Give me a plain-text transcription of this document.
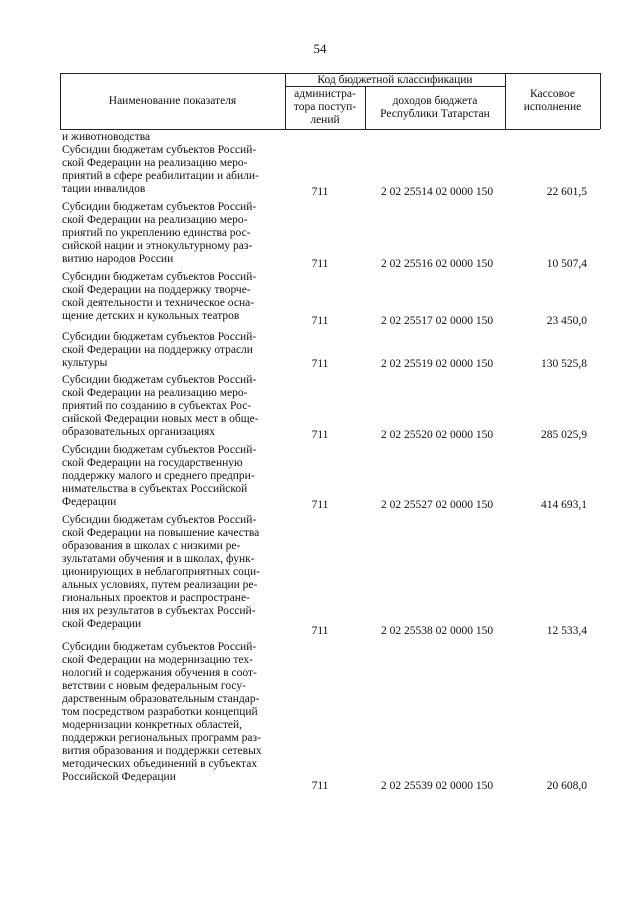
54
Наименование показателя
Код бюджетной классификации
администра-
тора поступ-
лений
доходов бюджета
Республики Татарстан
Кассовое
исполнение
и животноводства
Субсидии бюджетам субъектов Россий-
ской Федерации на реализацию меро-
приятий в сфере реабилитации и абили-
тации инвалидов	711	2 02 25514 02 0000 150	22 601,5
Субсидии бюджетам субъектов Россий-
ской Федерации на реализацию меро-
приятий по укреплению единства рос-
сийской нации и этнокультурному раз-
витию народов России	711	2 02 25516 02 0000 150	10 507,4
Субсидии бюджетам субъектов Россий-
ской Федерации на поддержку творче-
ской деятельности и техническое осна-
щение детских и кукольных театров	711	2 02 25517 02 0000 150	23 450,0
Субсидии бюджетам субъектов Россий-
ской Федерации на поддержку отрасли
культуры	711	2 02 25519 02 0000 150	130 525,8
Субсидии бюджетам субъектов Россий-
ской Федерации на реализацию меро-
приятий по созданию в субъектах Рос-
сийской Федерации новых мест в обще-
образовательных организациях	711	2 02 25520 02 0000 150	285 025,9
Субсидии бюджетам субъектов Россий-
ской Федерации на государственную
поддержку малого и среднего предпри-
нимательства в субъектах Российской
Федерации	711	2 02 25527 02 0000 150	414 693,1
Субсидии бюджетам субъектов Россий-
ской Федерации на повышение качества
образования в школах с низкими ре-
зультатами обучения и в школах, функ-
ционирующих в неблагоприятных соци-
альных условиях, путем реализации ре-
гиональных проектов и распростране-
ния их результатов в субъектах Россий-
ской Федерации
711	2 02 25538 02 0000 150	12 533,4
Субсидии бюджетам субъектов Россий-
ской Федерации на модернизацию тех-
нологий и содержания обучения в соот-
ветствии с новым федеральным госу-
дарственным образовательным стандар-
том посредством разработки концепций
модернизации конкретных областей,
поддержки региональных программ раз-
вития образования и поддержки сетевых
методических объединений в субъектах
Российской Федерации
711	2 02 25539 02 0000 150	20 608,0
